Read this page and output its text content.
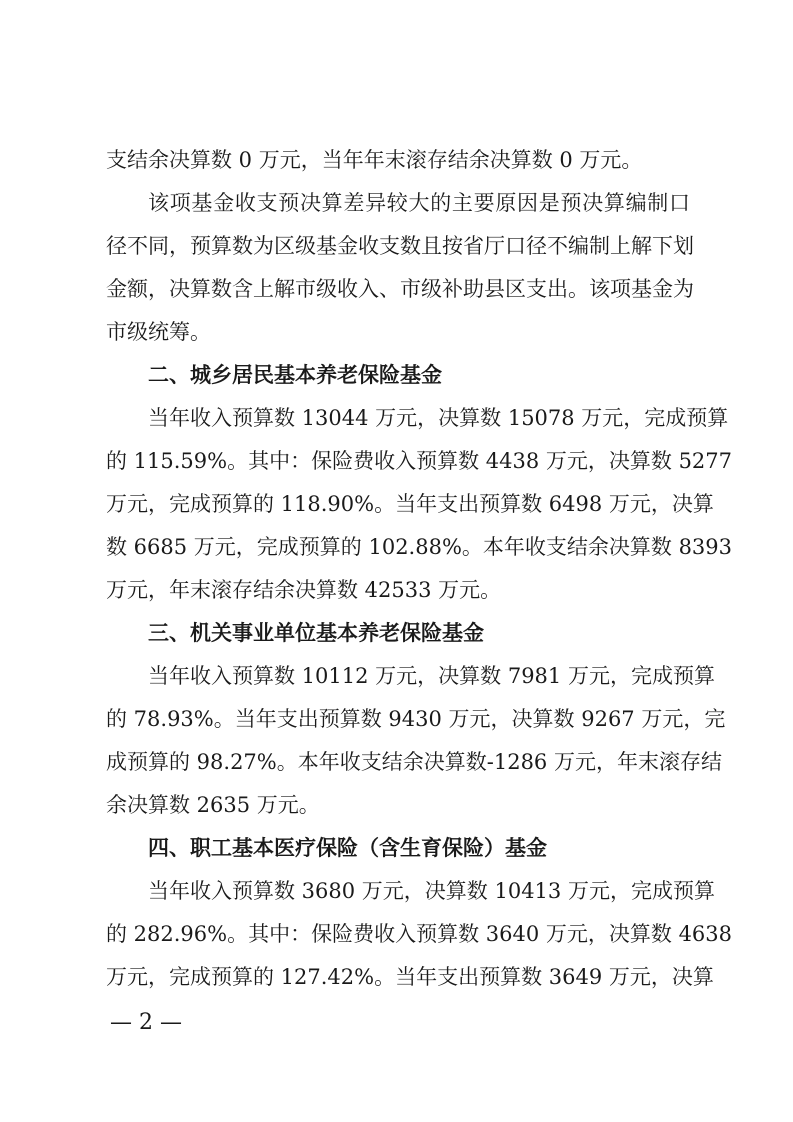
支结余决算数 0 万元，当年年末滚存结余决算数 0 万元。
该项基金收支预决算差异较大的主要原因是预决算编制口
径不同，预算数为区级基金收支数且按省厅口径不编制上解下划
金额，决算数含上解市级收入、市级补助县区支出。该项基金为
市级统筹。
二、城乡居民基本养老保险基金
当年收入预算数 13044 万元，决算数 15078 万元，完成预算
的 115.59%。其中：保险费收入预算数 4438 万元，决算数 5277
万元，完成预算的 118.90%。当年支出预算数 6498 万元，决算
数 6685 万元，完成预算的 102.88%。本年收支结余决算数 8393
万元，年末滚存结余决算数 42533 万元。
三、机关事业单位基本养老保险基金
当年收入预算数 10112 万元，决算数 7981 万元，完成预算
的 78.93%。当年支出预算数 9430 万元，决算数 9267 万元，完
成预算的 98.27%。本年收支结余决算数-1286 万元，年末滚存结
余决算数 2635 万元。
四、职工基本医疗保险（含生育保险）基金
当年收入预算数 3680 万元，决算数 10413 万元，完成预算
的 282.96%。其中：保险费收入预算数 3640 万元，决算数 4638
万元，完成预算的 127.42%。当年支出预算数 3649 万元，决算
— 2 —
